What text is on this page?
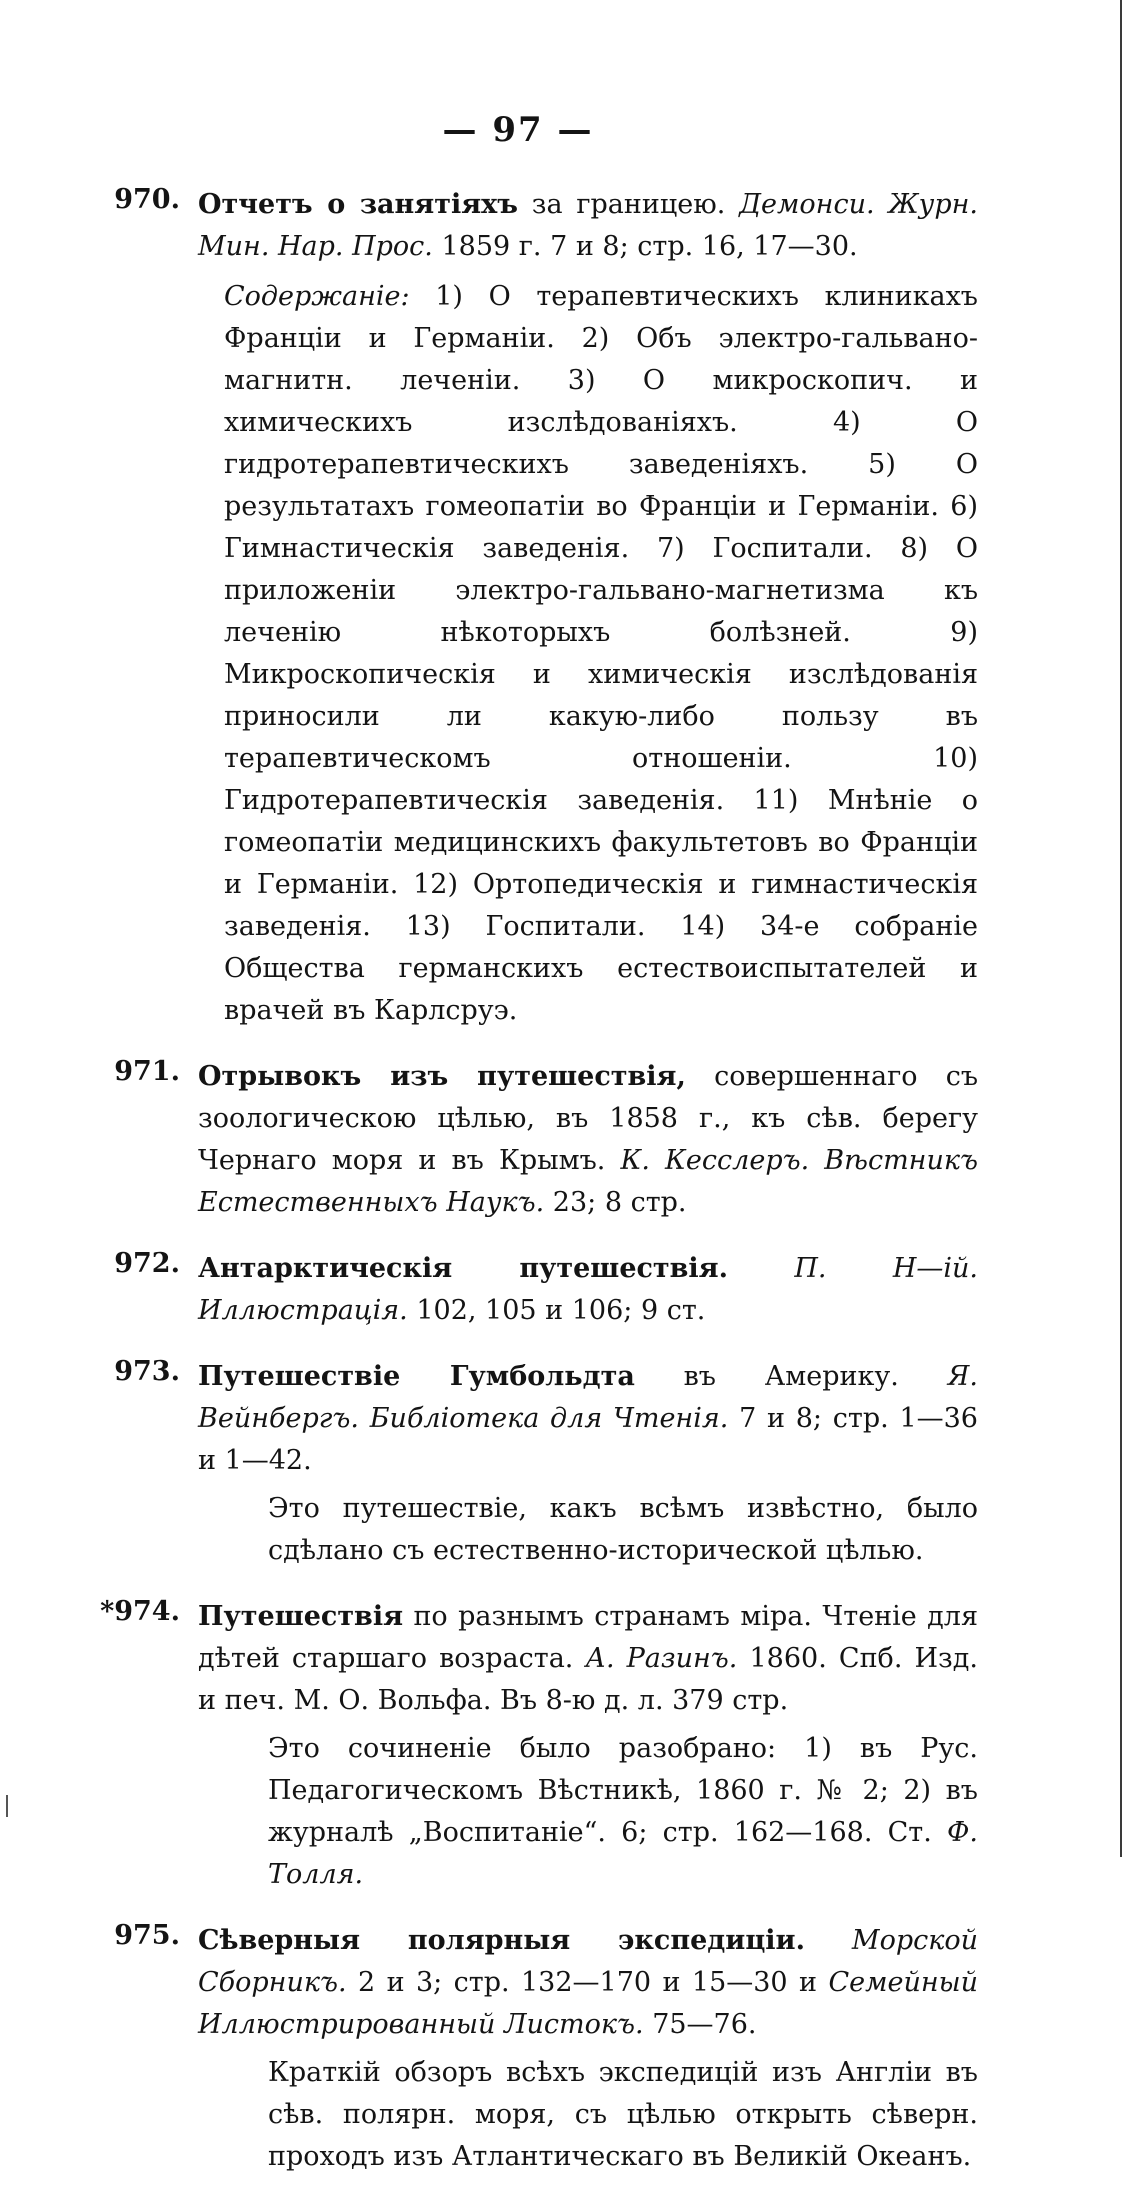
— 97 —
970. Отчетъ о занятіяхъ за границею. Демонси. Журн. Мин. Нар. Прос. 1859 г. 7 и 8; стр. 16, 17—30.
Содержаніе: 1) О терапевтическихъ клиникахъ Франціи и Германіи. 2) Объ электро-гальвано-магнитн. леченіи. 3) О микроскопич. и химическихъ изслѣдованіяхъ. 4) О гидротерапевтическихъ заведеніяхъ. 5) О результатахъ гомеопатіи во Франціи и Германіи. 6) Гимнастическія заведенія. 7) Госпитали. 8) О приложеніи электро-гальвано-магнетизма къ леченію нѣкоторыхъ болѣзней. 9) Микроскопическія и химическія изслѣдованія приносили ли какую-либо пользу въ терапевтическомъ отношеніи. 10) Гидротерапевтическія заведенія. 11) Мнѣніе о гомеопатіи медицинскихъ факультетовъ во Франціи и Германіи. 12) Ортопедическія и гимнастическія заведенія. 13) Госпитали. 14) 34-е собраніе Общества германскихъ естествоиспытателей и врачей въ Карлсруэ.
971. Отрывокъ изъ путешествія, совершеннаго съ зоологическою цѣлью, въ 1858 г., къ сѣв. берегу Чернаго моря и въ Крымъ. К. Кесслеръ. Вѣстникъ Естественныхъ Наукъ. 23; 8 стр.
972. Антарктическія путешествія. П. Н—ій. Иллюстрація. 102, 105 и 106; 9 ст.
973. Путешествіе Гумбольдта въ Америку. Я. Вейнбергъ. Библіотека для Чтенія. 7 и 8; стр. 1—36 и 1—42.
Это путешествіе, какъ всѣмъ извѣстно, было сдѣлано съ естественно-исторической цѣлью.
*974. Путешествія по разнымъ странамъ міра. Чтеніе для дѣтей старшаго возраста. А. Разинъ. 1860. Спб. Изд. и печ. М. О. Вольфа. Въ 8-ю д. л. 379 стр.
Это сочиненіе было разобрано: 1) въ Рус. Педагогическомъ Вѣстникѣ, 1860 г. № 2; 2) въ журналѣ „Воспитаніе“. 6; стр. 162—168. Ст. Ф. Толля.
975. Сѣверныя полярныя экспедиціи. Морской Сборникъ. 2 и 3; стр. 132—170 и 15—30 и Семейный Иллюстрированный Листокъ. 75—76.
Краткій обзоръ всѣхъ экспедицій изъ Англіи въ сѣв. полярн. моря, съ цѣлью открыть сѣверн. проходъ изъ Атлантическаго въ Великій Океанъ.
